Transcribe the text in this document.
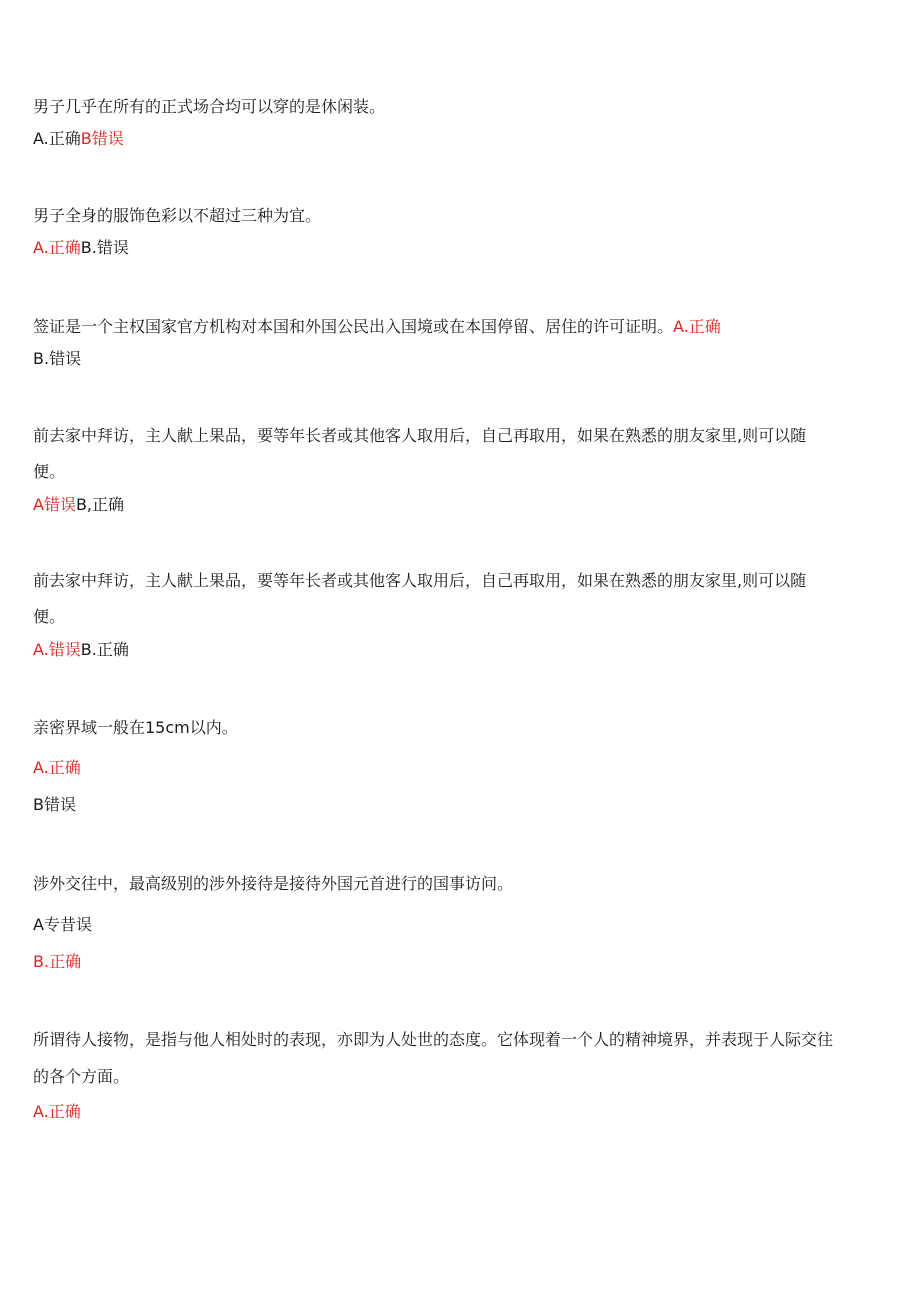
男子几乎在所有的正式场合均可以穿的是休闲装。
A.正确B错误
男子全身的服饰色彩以不超过三种为宜。
A.正确B.错误
签证是一个主权国家官方机构对本国和外国公民出入国境或在本国停留、居住的许可证明。A.正确
B.错误
前去家中拜访，主人献上果品，要等年长者或其他客人取用后，自己再取用，如果在熟悉的朋友家里,则可以随
便。
A错误B,正确
前去家中拜访，主人献上果品，要等年长者或其他客人取用后，自己再取用，如果在熟悉的朋友家里,则可以随
便。
A.错误B.正确
亲密界域一般在15cm以内。
A.正确
B错误
涉外交往中，最高级别的涉外接待是接待外国元首进行的国事访问。
A专昔误
B.正确
所谓待人接物，是指与他人相处时的表现，亦即为人处世的态度。它体现着一个人的精神境界，并表现于人际交往
的各个方面。
A.正确
